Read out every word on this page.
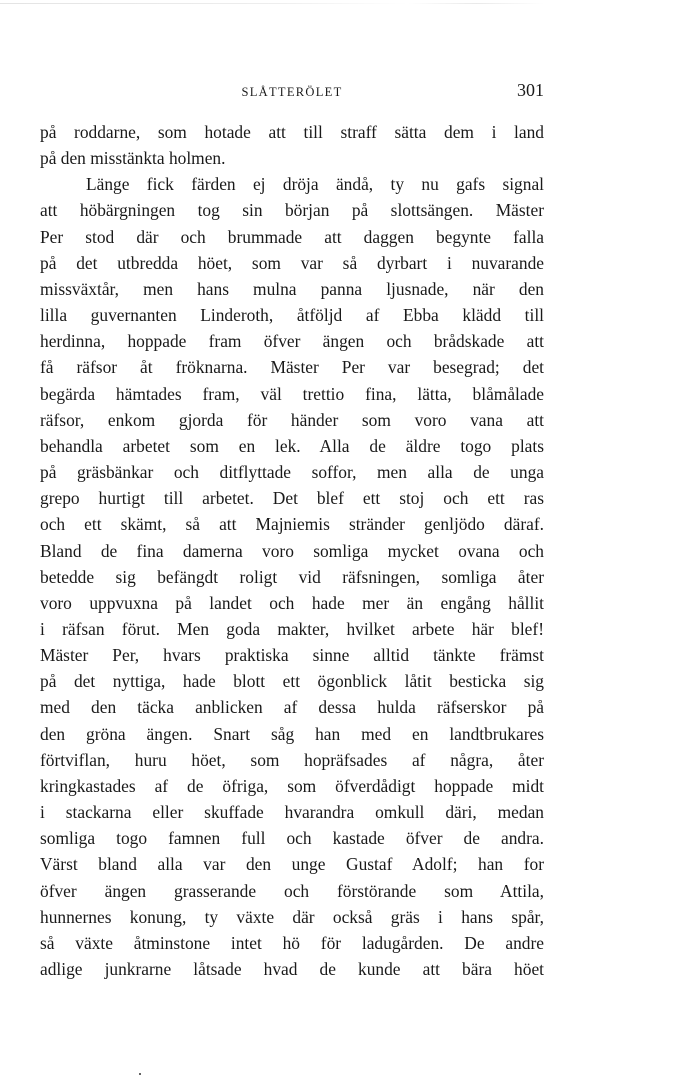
SLÅTTERÖLET	301
på roddarne, som hotade att till straff sätta dem i land
på den misstänkta holmen.
Länge fick färden ej dröja ändå, ty nu gafs signal
att höbärgningen tog sin början på slottsängen. Mäster
Per stod där och brummade att daggen begynte falla
på det utbredda höet, som var så dyrbart i nuvarande
missväxtår, men hans mulna panna ljusnade, när den
lilla guvernanten Linderoth, åtföljd af Ebba klädd till
herdinna, hoppade fram öfver ängen och brådskade att
få räfsor åt fröknarna. Mäster Per var besegrad; det
begärda hämtades fram, väl trettio fina, lätta, blåmålade
räfsor, enkom gjorda för händer som voro vana att
behandla arbetet som en lek. Alla de äldre togo plats
på gräsbänkar och ditflyttade soffor, men alla de unga
grepo hurtigt till arbetet. Det blef ett stoj och ett ras
och ett skämt, så att Majniemis stränder genljödo däraf.
Bland de fina damerna voro somliga mycket ovana och
betedde sig befängdt roligt vid räfsningen, somliga åter
voro uppvuxna på landet och hade mer än engång hållit
i räfsan förut. Men goda makter, hvilket arbete här blef!
Mäster Per, hvars praktiska sinne alltid tänkte främst
på det nyttiga, hade blott ett ögonblick låtit besticka sig
med den täcka anblicken af dessa hulda räfserskor på
den gröna ängen. Snart såg han med en landtbrukares
förtviflan, huru höet, som hopräfsades af några, åter
kringkastades af de öfriga, som öfverdådigt hoppade midt
i stackarna eller skuffade hvarandra omkull däri, medan
somliga togo famnen full och kastade öfver de andra.
Värst bland alla var den unge Gustaf Adolf; han for
öfver ängen grasserande och förstörande som Attila,
hunnernes konung, ty växte där också gräs i hans spår,
så växte åtminstone intet hö för ladugården. De andre
adlige junkrarne låtsade hvad de kunde att bära höet
